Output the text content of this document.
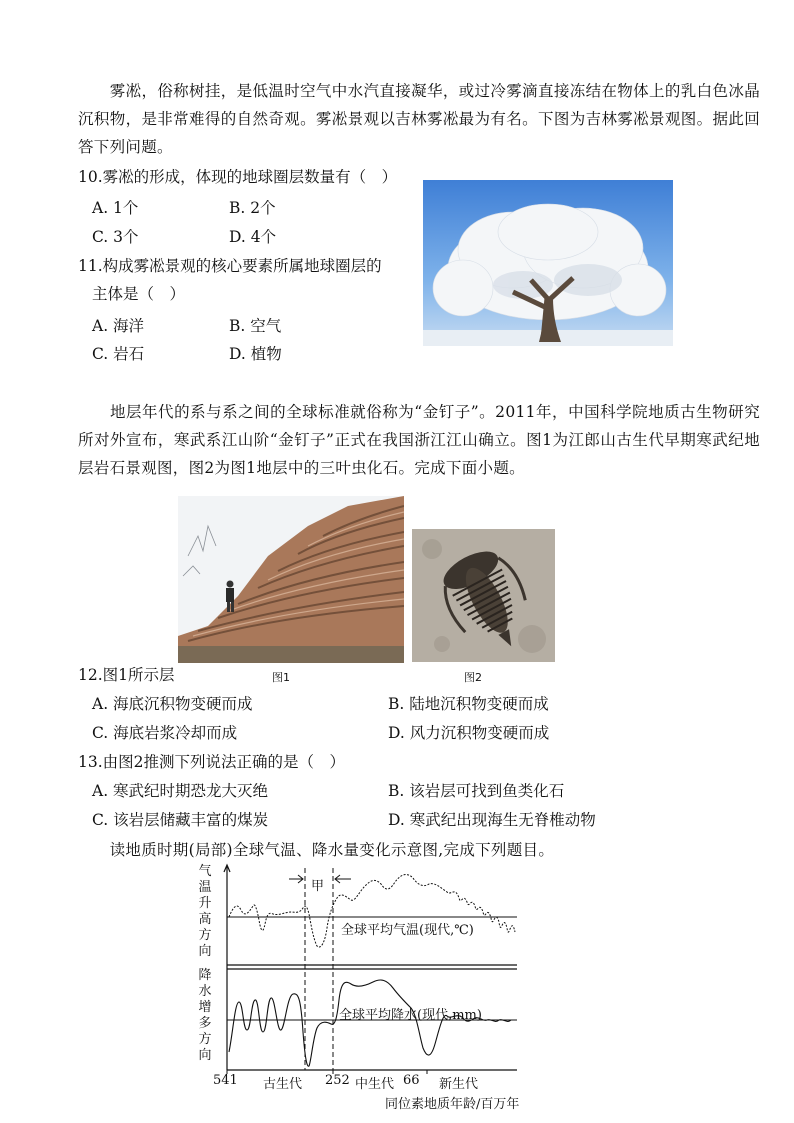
　　雾凇，俗称树挂，是低温时空气中水汽直接凝华，或过冷雾滴直接冻结在物体上的乳白色冰晶沉积物，是非常难得的自然奇观。雾凇景观以吉林雾凇最为有名。下图为吉林雾凇景观图。据此回答下列问题。
10.雾凇的形成，体现的地球圈层数量有（　）
A. 1个	B. 2个
C. 3个	D. 4个
11.构成雾凇景观的核心要素所属地球圈层的
主体是（　）
A. 海洋	B. 空气
C. 岩石	D. 植物
　　地层年代的系与系之间的全球标准就俗称为“金钉子”。2011年，中国科学院地质古生物研究所对外宣布，寒武系江山阶“金钉子”正式在我国浙江江山确立。图1为江郎山古生代早期寒武纪地层岩石景观图，图2为图1地层中的三叶虫化石。完成下面小题。
图1	图2
12.图1所示层
A. 海底沉积物变硬而成	B. 陆地沉积物变硬而成
C. 海底岩浆冷却而成	D. 风力沉积物变硬而成
13.由图2推测下列说法正确的是（　）
A. 寒武纪时期恐龙大灭绝	B. 该岩层可找到鱼类化石
C. 该岩层储藏丰富的煤炭	D. 寒武纪出现海生无脊椎动物
　　读地质时期(局部)全球气温、降水量变化示意图,完成下列题目。
气
温
升
高
方
向
降
水
增
多
方
向
甲
全球平均气温(现代,℃)
全球平均降水(现代,mm)
541 古生代 252 中生代 66 新生代
同位素地质年龄/百万年
